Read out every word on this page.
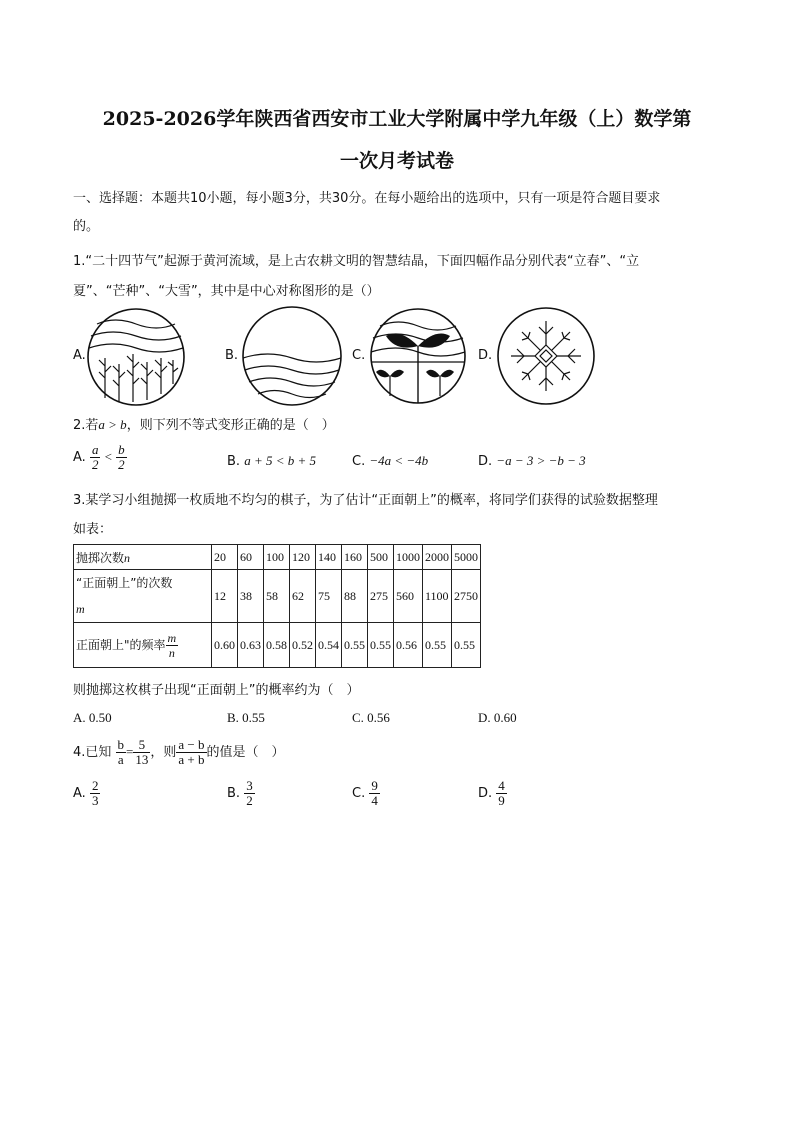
2025-2026学年陕西省西安市工业大学附属中学九年级（上）数学第
一次月考试卷
一、选择题：本题共10小题，每小题3分，共30分。在每小题给出的选项中，只有一项是符合题目要求
的。
1.“二十四节气”起源于黄河流域，是上古农耕文明的智慧结晶，下面四幅作品分别代表“立春”、“立
夏”、“芒种”、“大雪”，其中是中心对称图形的是（）
A.	B.	C.	D.
2.若a > b，则下列不等式变形正确的是（　）
A. $\frac{a}{2} < \frac{b}{2}$	B. a + 5 < b + 5	C. −4a < −4b	D. −a − 3 > −b − 3
3.某学习小组抛掷一枚质地不均匀的棋子，为了估计“正面朝上”的概率，将同学们获得的试验数据整理
如表：
抛掷次数n	20	60	100	120	140	160	500	1000	2000	5000
“正面朝上”的次数
m	12	38	58	62	75	88	275	560	1100	2750
正面朝上"的频率 $\frac{m}{n}$	0.60	0.63	0.58	0.52	0.54	0.55	0.55	0.56	0.55	0.55
则抛掷这枚棋子出现“正面朝上”的概率约为（　）
A. 0.50	B. 0.55	C. 0.56	D. 0.60
4.已知 $\frac{b}{a} = \frac{5}{13}$ ，则 $\frac{a - b}{a + b}$ 的值是（　）
A. $\frac{2}{3}$	B. $\frac{3}{2}$	C. $\frac{9}{4}$	D. $\frac{4}{9}$
